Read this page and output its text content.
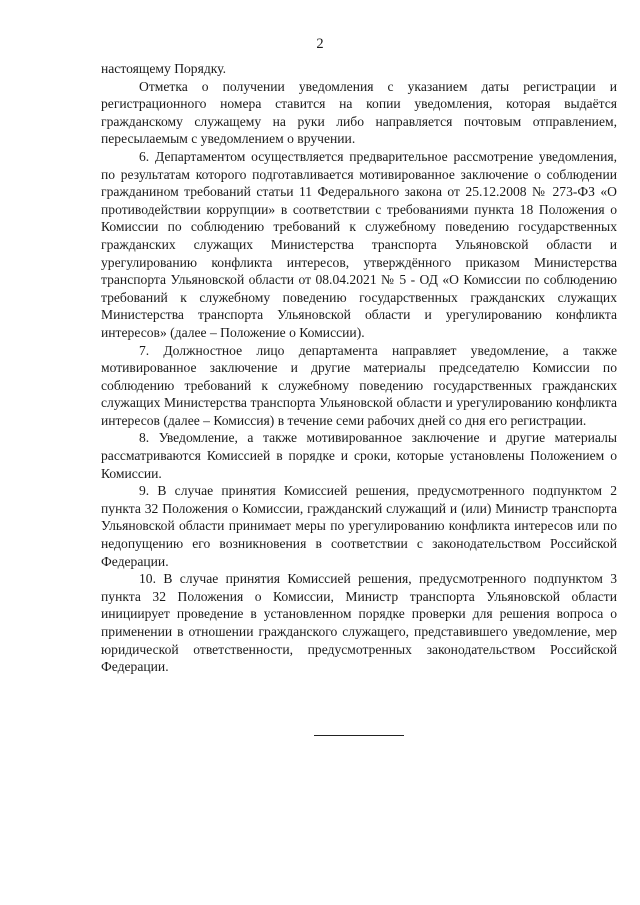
2

настоящему Порядку.

Отметка о получении уведомления с указанием даты регистрации и регистрационного номера ставится на копии уведомления, которая выдаётся гражданскому служащему на руки либо направляется почтовым отправлением, пересылаемым с уведомлением о вручении.

6. Департаментом осуществляется предварительное рассмотрение уведомления, по результатам которого подготавливается мотивированное заключение о соблюдении гражданином требований статьи 11 Федерального закона от 25.12.2008 № 273-ФЗ «О противодействии коррупции» в соответствии с требованиями пункта 18 Положения о Комиссии по соблюдению требований к служебному поведению государственных гражданских служащих Министерства транспорта Ульяновской области и урегулированию конфликта интересов, утверждённого приказом Министерства транспорта Ульяновской области от 08.04.2021 № 5 - ОД «О Комиссии по соблюдению требований к служебному поведению государственных гражданских служащих Министерства транспорта Ульяновской области и урегулированию конфликта интересов» (далее – Положение о Комиссии).

7. Должностное лицо департамента направляет уведомление, а также мотивированное заключение и другие материалы председателю Комиссии по соблюдению требований к служебному поведению государственных гражданских служащих Министерства транспорта Ульяновской области и урегулированию конфликта интересов (далее – Комиссия) в течение семи рабочих дней со дня его регистрации.

8. Уведомление, а также мотивированное заключение и другие материалы рассматриваются Комиссией в порядке и сроки, которые установлены Положением о Комиссии.

9. В случае принятия Комиссией решения, предусмотренного подпунктом 2 пункта 32 Положения о Комиссии, гражданский служащий и (или) Министр транспорта Ульяновской области принимает меры по урегулированию конфликта интересов или по недопущению его возникновения в соответствии с законодательством Российской Федерации.

10. В случае принятия Комиссией решения, предусмотренного подпунктом 3 пункта 32 Положения о Комиссии, Министр транспорта Ульяновской области инициирует проведение в установленном порядке проверки для решения вопроса о применении в отношении гражданского служащего, представившего уведомление, мер юридической ответственности, предусмотренных законодательством Российской Федерации.
